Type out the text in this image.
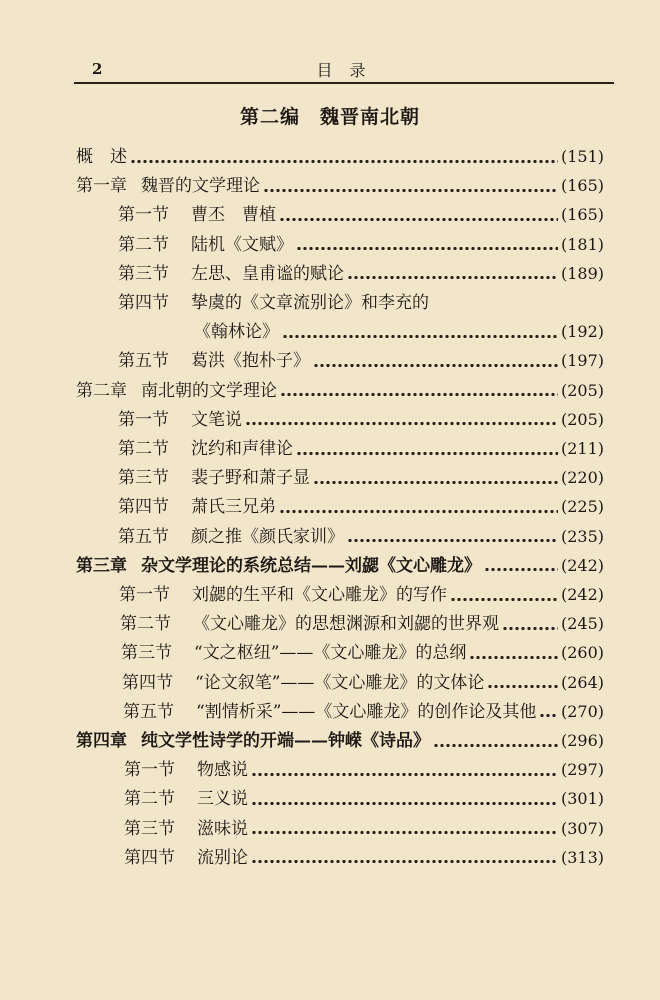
2	目 录
第二编　魏晋南北朝
概　述	(151)
第一章 魏晋的文学理论	(165)
第一节 曹丕　曹植	(165)
第二节 陆机《文赋》	(181)
第三节 左思、皇甫谧的赋论	(189)
第四节 挚虞的《文章流别论》和李充的
《翰林论》	(192)
第五节 葛洪《抱朴子》	(197)
第二章 南北朝的文学理论	(205)
第一节 文笔说	(205)
第二节 沈约和声律论	(211)
第三节 裴子野和萧子显	(220)
第四节 萧氏三兄弟	(225)
第五节 颜之推《颜氏家训》	(235)
第三章 杂文学理论的系统总结——刘勰《文心雕龙》	(242)
第一节 刘勰的生平和《文心雕龙》的写作	(242)
第二节 《文心雕龙》的思想渊源和刘勰的世界观	(245)
第三节 “文之枢纽”——《文心雕龙》的总纲	(260)
第四节 “论文叙笔”——《文心雕龙》的文体论	(264)
第五节 “割情析采”——《文心雕龙》的创作论及其他 (270)
第四章 纯文学性诗学的开端——钟嵘《诗品》	(296)
第一节 物感说	(297)
第二节 三义说	(301)
第三节 滋味说	(307)
第四节 流别论	(313)
